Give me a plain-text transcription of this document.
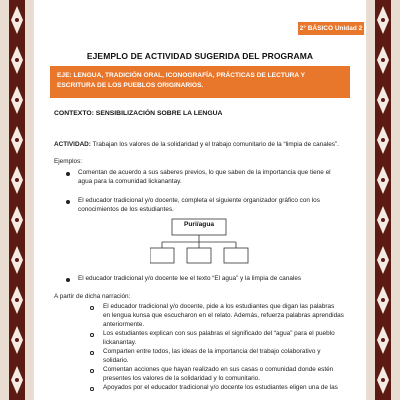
2° BÁSICO Unidad 2
EJEMPLO DE ACTIVIDAD SUGERIDA DEL PROGRAMA
EJE: LENGUA, TRADICIÓN ORAL, ICONOGRAFÍA, PRÁCTICAS DE LECTURA Y ESCRITURA DE LOS PUEBLOS ORIGINARIOS.
CONTEXTO: SENSIBILIZACIÓN SOBRE LA LENGUA
ACTIVIDAD: Trabajan los valores de la solidaridad y el trabajo comunitario de la “limpia de canales”.
Ejemplos:
Comentan de acuerdo a sus saberes previos, lo que saben de la importancia que tiene el
agua para la comunidad lickanantay.
El educador tradicional y/o docente, completa el siguiente organizador gráfico con los
conocimientos de los estudiantes.
Puri/agua
El educador tradicional y/o docente lee el texto “El agua” y la limpia de canales
A partir de dicha narración:
El educador tradicional y/o docente, pide a los estudiantes que digan las palabras
en lengua kunsa que escucharon en el relato. Además, refuerza palabras aprendidas
anteriormente.
Los estudiantes explican con sus palabras el significado del “agua” para el pueblo
lickanantay.
Comparten entre todos, las ideas de la importancia del trabajo colaborativo y
solidario.
Comentan acciones que hayan realizado en sus casas o comunidad donde estén
presentes los valores de la solidaridad y lo comunitario.
Apoyados por el educador tradicional y/o docente los estudiantes eligen una de las
